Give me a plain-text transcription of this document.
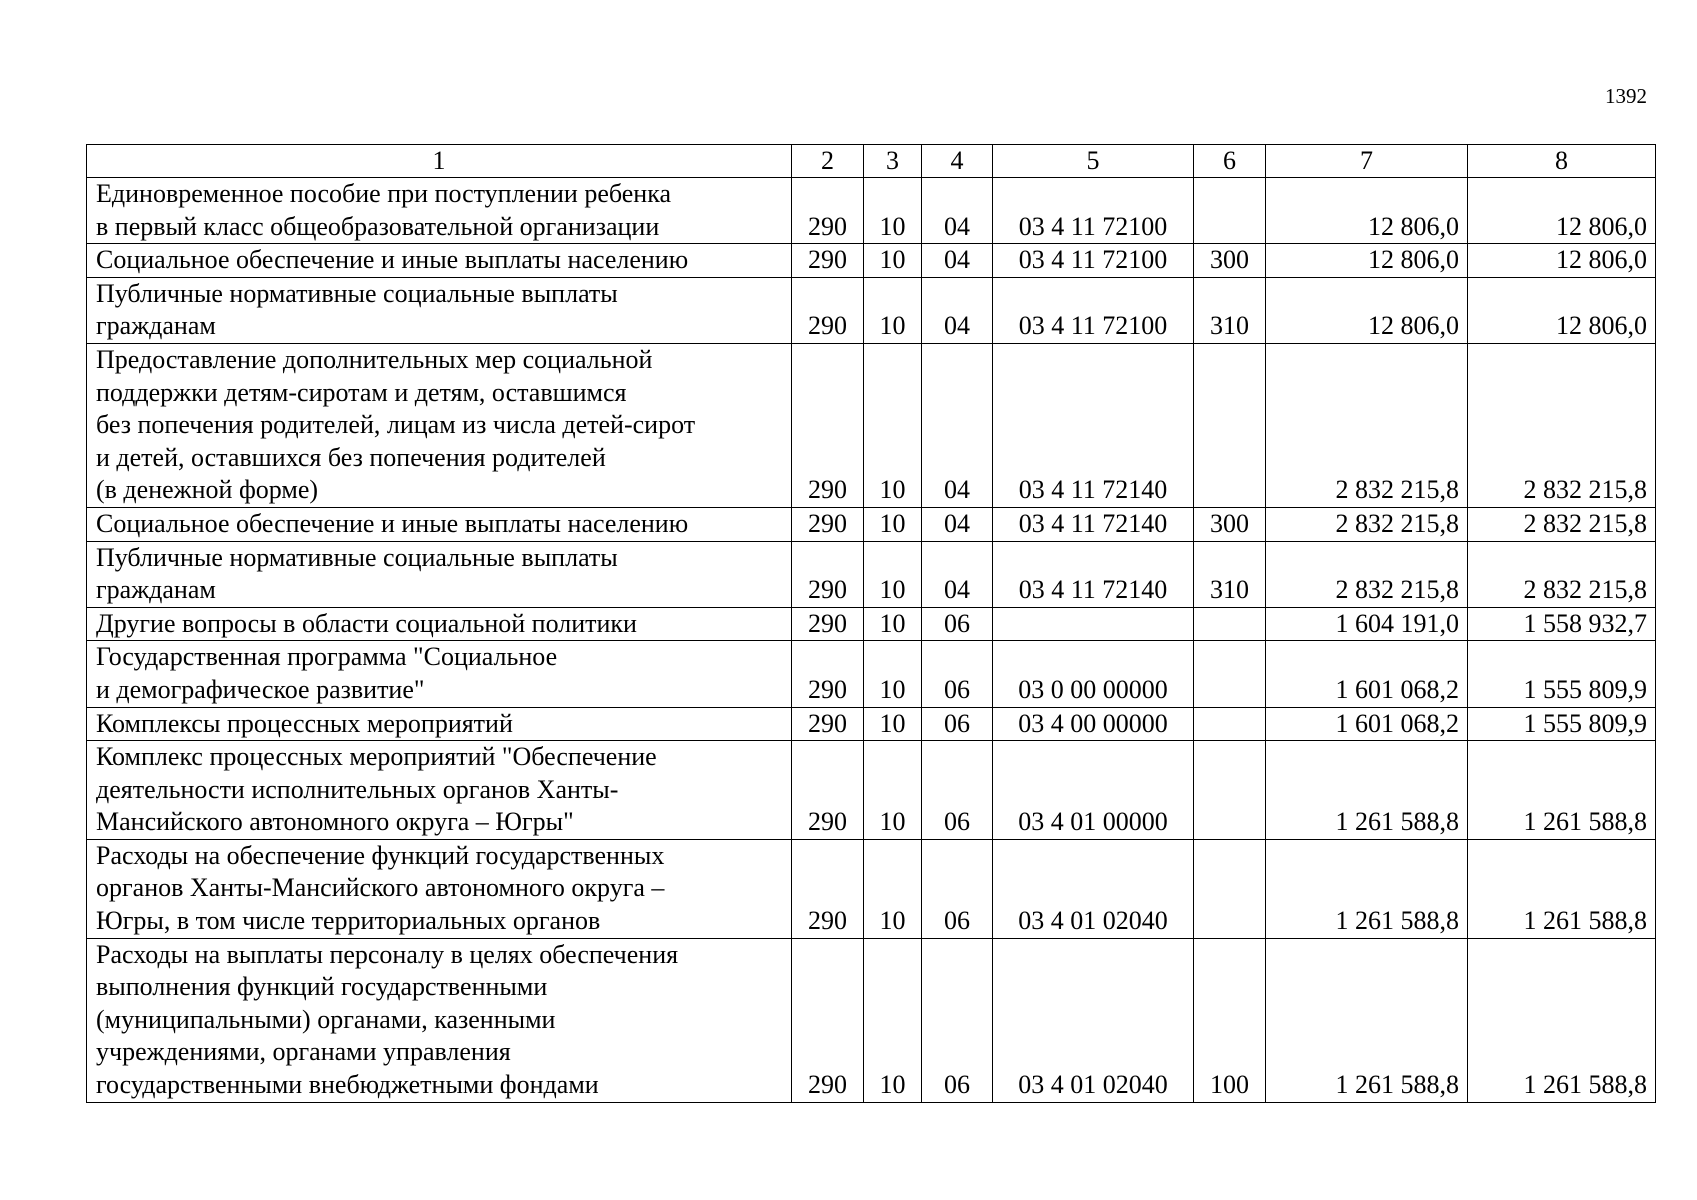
1392
1	2	3	4	5	6	7	8
Единовременное пособие при поступлении ребенка
в первый класс общеобразовательной организации	290	10	04	03 4 11 72100		12 806,0	12 806,0
Социальное обеспечение и иные выплаты населению	290	10	04	03 4 11 72100	300	12 806,0	12 806,0
Публичные нормативные социальные выплаты
гражданам	290	10	04	03 4 11 72100	310	12 806,0	12 806,0
Предоставление дополнительных мер социальной
поддержки детям-сиротам и детям, оставшимся
без попечения родителей, лицам из числа детей-сирот
и детей, оставшихся без попечения родителей
(в денежной форме)	290	10	04	03 4 11 72140		2 832 215,8	2 832 215,8
Социальное обеспечение и иные выплаты населению	290	10	04	03 4 11 72140	300	2 832 215,8	2 832 215,8
Публичные нормативные социальные выплаты
гражданам	290	10	04	03 4 11 72140	310	2 832 215,8	2 832 215,8
Другие вопросы в области социальной политики	290	10	06			1 604 191,0	1 558 932,7
Государственная программа "Социальное
и демографическое развитие"	290	10	06	03 0 00 00000		1 601 068,2	1 555 809,9
Комплексы процессных мероприятий	290	10	06	03 4 00 00000		1 601 068,2	1 555 809,9
Комплекс процессных мероприятий "Обеспечение
деятельности исполнительных органов Ханты-
Мансийского автономного округа – Югры"	290	10	06	03 4 01 00000		1 261 588,8	1 261 588,8
Расходы на обеспечение функций государственных
органов Ханты-Мансийского автономного округа –
Югры, в том числе территориальных органов	290	10	06	03 4 01 02040		1 261 588,8	1 261 588,8
Расходы на выплаты персоналу в целях обеспечения
выполнения функций государственными
(муниципальными) органами, казенными
учреждениями, органами управления
государственными внебюджетными фондами	290	10	06	03 4 01 02040	100	1 261 588,8	1 261 588,8
